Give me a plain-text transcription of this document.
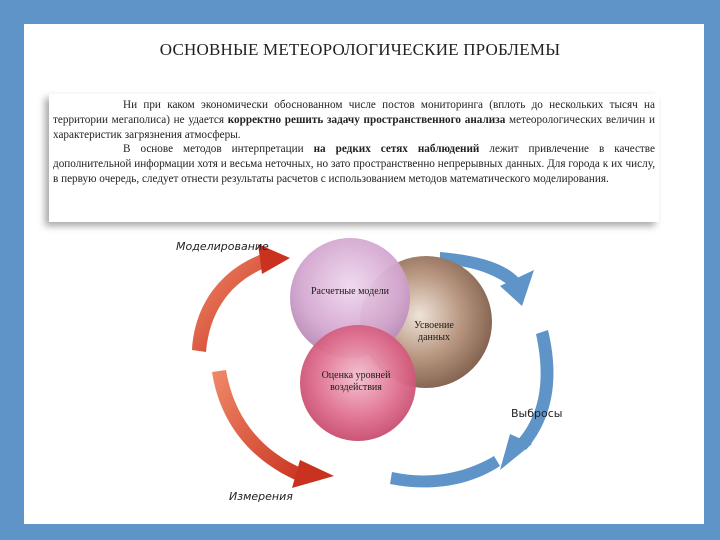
ОСНОВНЫЕ МЕТЕОРОЛОГИЧЕСКИЕ ПРОБЛЕМЫ

Ни при каком экономически обоснованном числе постов мониторинга (вплоть до нескольких тысяч на территории мегаполиса) не удается корректно решить задачу пространственного анализа метеорологических величин и характеристик загрязнения атмосферы.

В основе методов интерпретации на редких сетях наблюдений лежит привлечение в качестве дополнительной информации хотя и весьма неточных, но зато пространственно непрерывных данных. Для города к их числу, в первую очередь, следует отнести результаты расчетов с использованием методов математического моделирования.

Моделирование
Выбросы
Измерения
Расчетные модели
Усвоение данных
Оценка уровней воздействия
